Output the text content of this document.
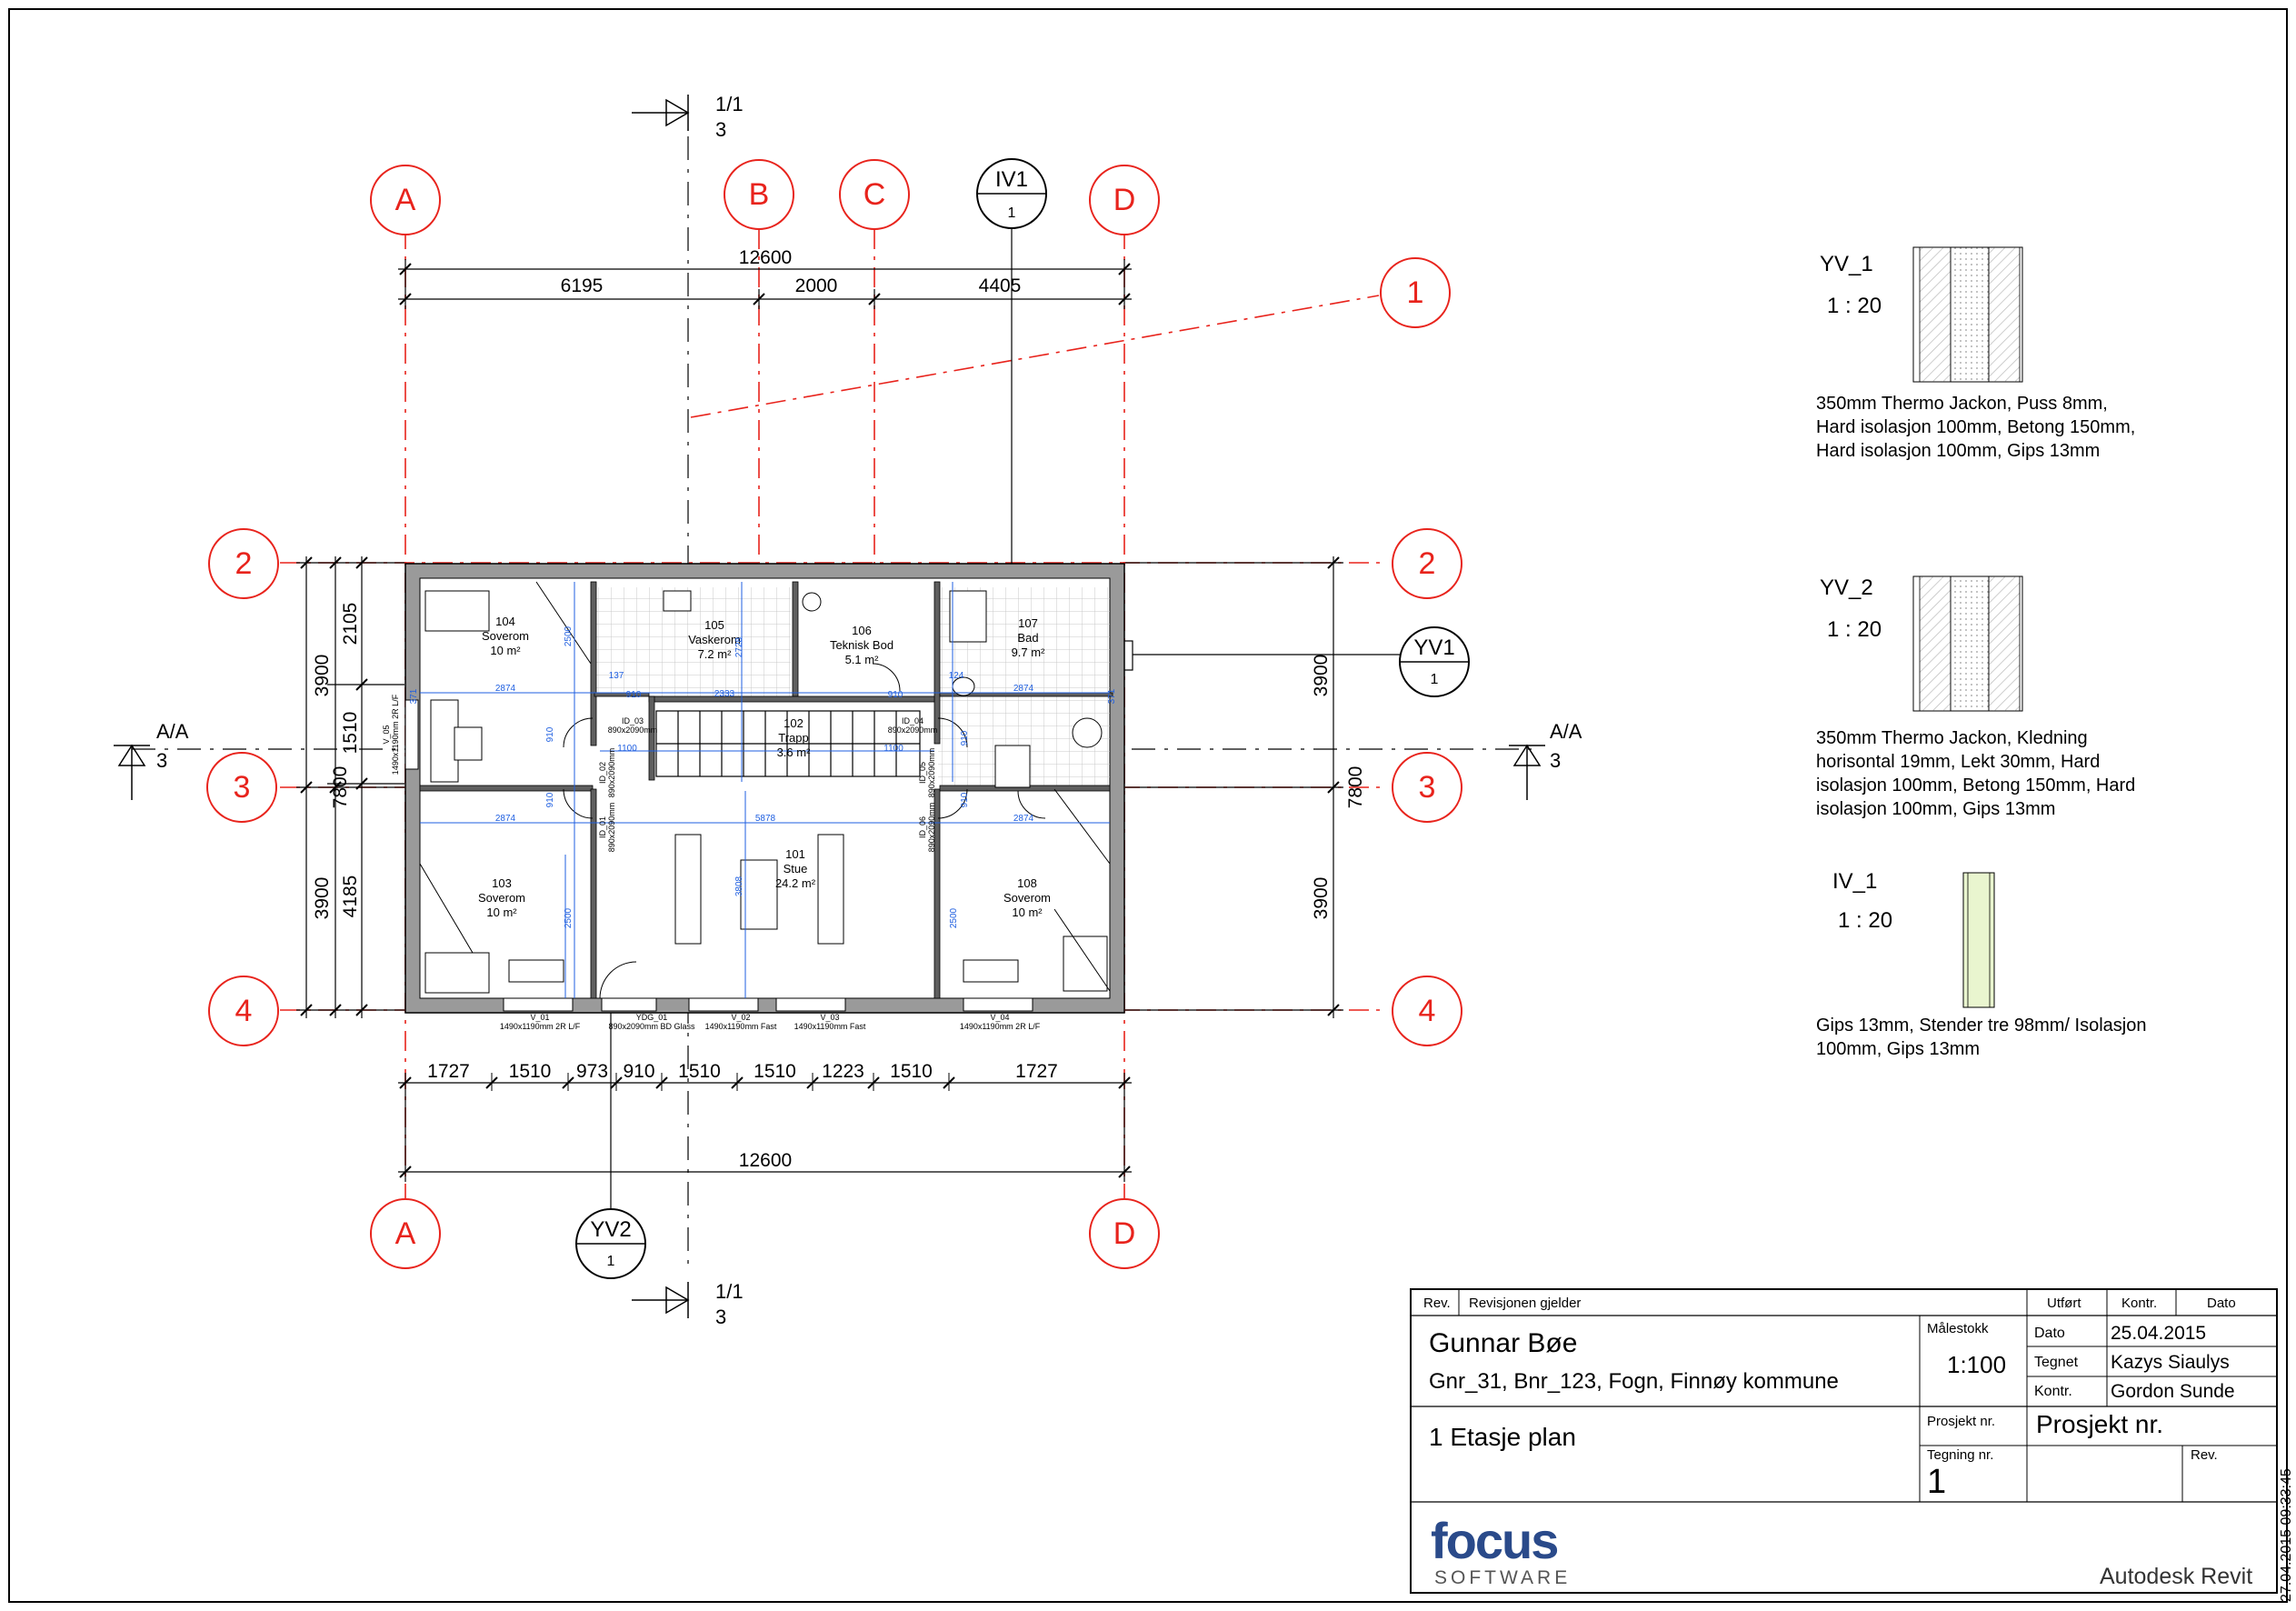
1/1
3
1/1
3
A/A
3
A/A
3
A	B	C	D
A	D
2
3
4
2
3
4
1
IV1
1
YV1
1
YV2
1
12600
6195	2000	4405
12600
1727 1510 973 910 1510 1510 1223 1510	1727
3900
7800
3900
2105
1510
4185
3900
7800
3900
104
Soverom
10 m²
105
Vaskerom
7.2 m²
106
Teknisk Bod
5.1 m²
107
Bad
9.7 m²
102
Trapp
3.6 m²
101
Stue
24.2 m²
103
Soverom
10 m²
108
Soverom
10 m²
ID_03
890x2090mm
ID_04
890x2090mm
ID_02 890x2090mm
ID_01 890x2090mm
ID_05 890x2090mm
ID_06 890x2090mm
V_01
1490x1190mm 2R L/F
YDG_01
890x2090mm BD Glass
V_02
1490x1190mm Fast
V_03
1490x1190mm Fast
V_04
1490x1190mm 2R L/F
V_05 1490x1190mm 2R L/F
2874
2333
2874
2874	5878	2874
910	910
1100	1100
137	124
910
910
910
910
2500
2500
3808
2728
2500
371	371
YV_1
1 : 20
350mm Thermo Jackon, Puss 8mm,
Hard isolasjon 100mm, Betong 150mm,
Hard isolasjon 100mm, Gips 13mm
YV_2
1 : 20
350mm Thermo Jackon, Kledning
horisontal 19mm, Lekt 30mm, Hard
isolasjon 100mm, Betong 150mm, Hard
isolasjon 100mm, Gips 13mm
IV_1
1 : 20
Gips 13mm, Stender tre 98mm/ Isolasjon
100mm, Gips 13mm
Rev. Revisjonen gjelder	Utført	Kontr.	Dato
Gunnar Bøe
Gnr_31, Bnr_123, Fogn, Finnøy kommune
1 Etasje plan
Målestokk
1:100
Dato 25.04.2015
Tegnet Kazys Siaulys
Kontr. Gordon Sunde
Prosjekt nr. Prosjekt nr.
Tegning nr.
1
Rev.
focus
SOFTWARE	Autodesk Revit 27.04.2015 09:33:45
